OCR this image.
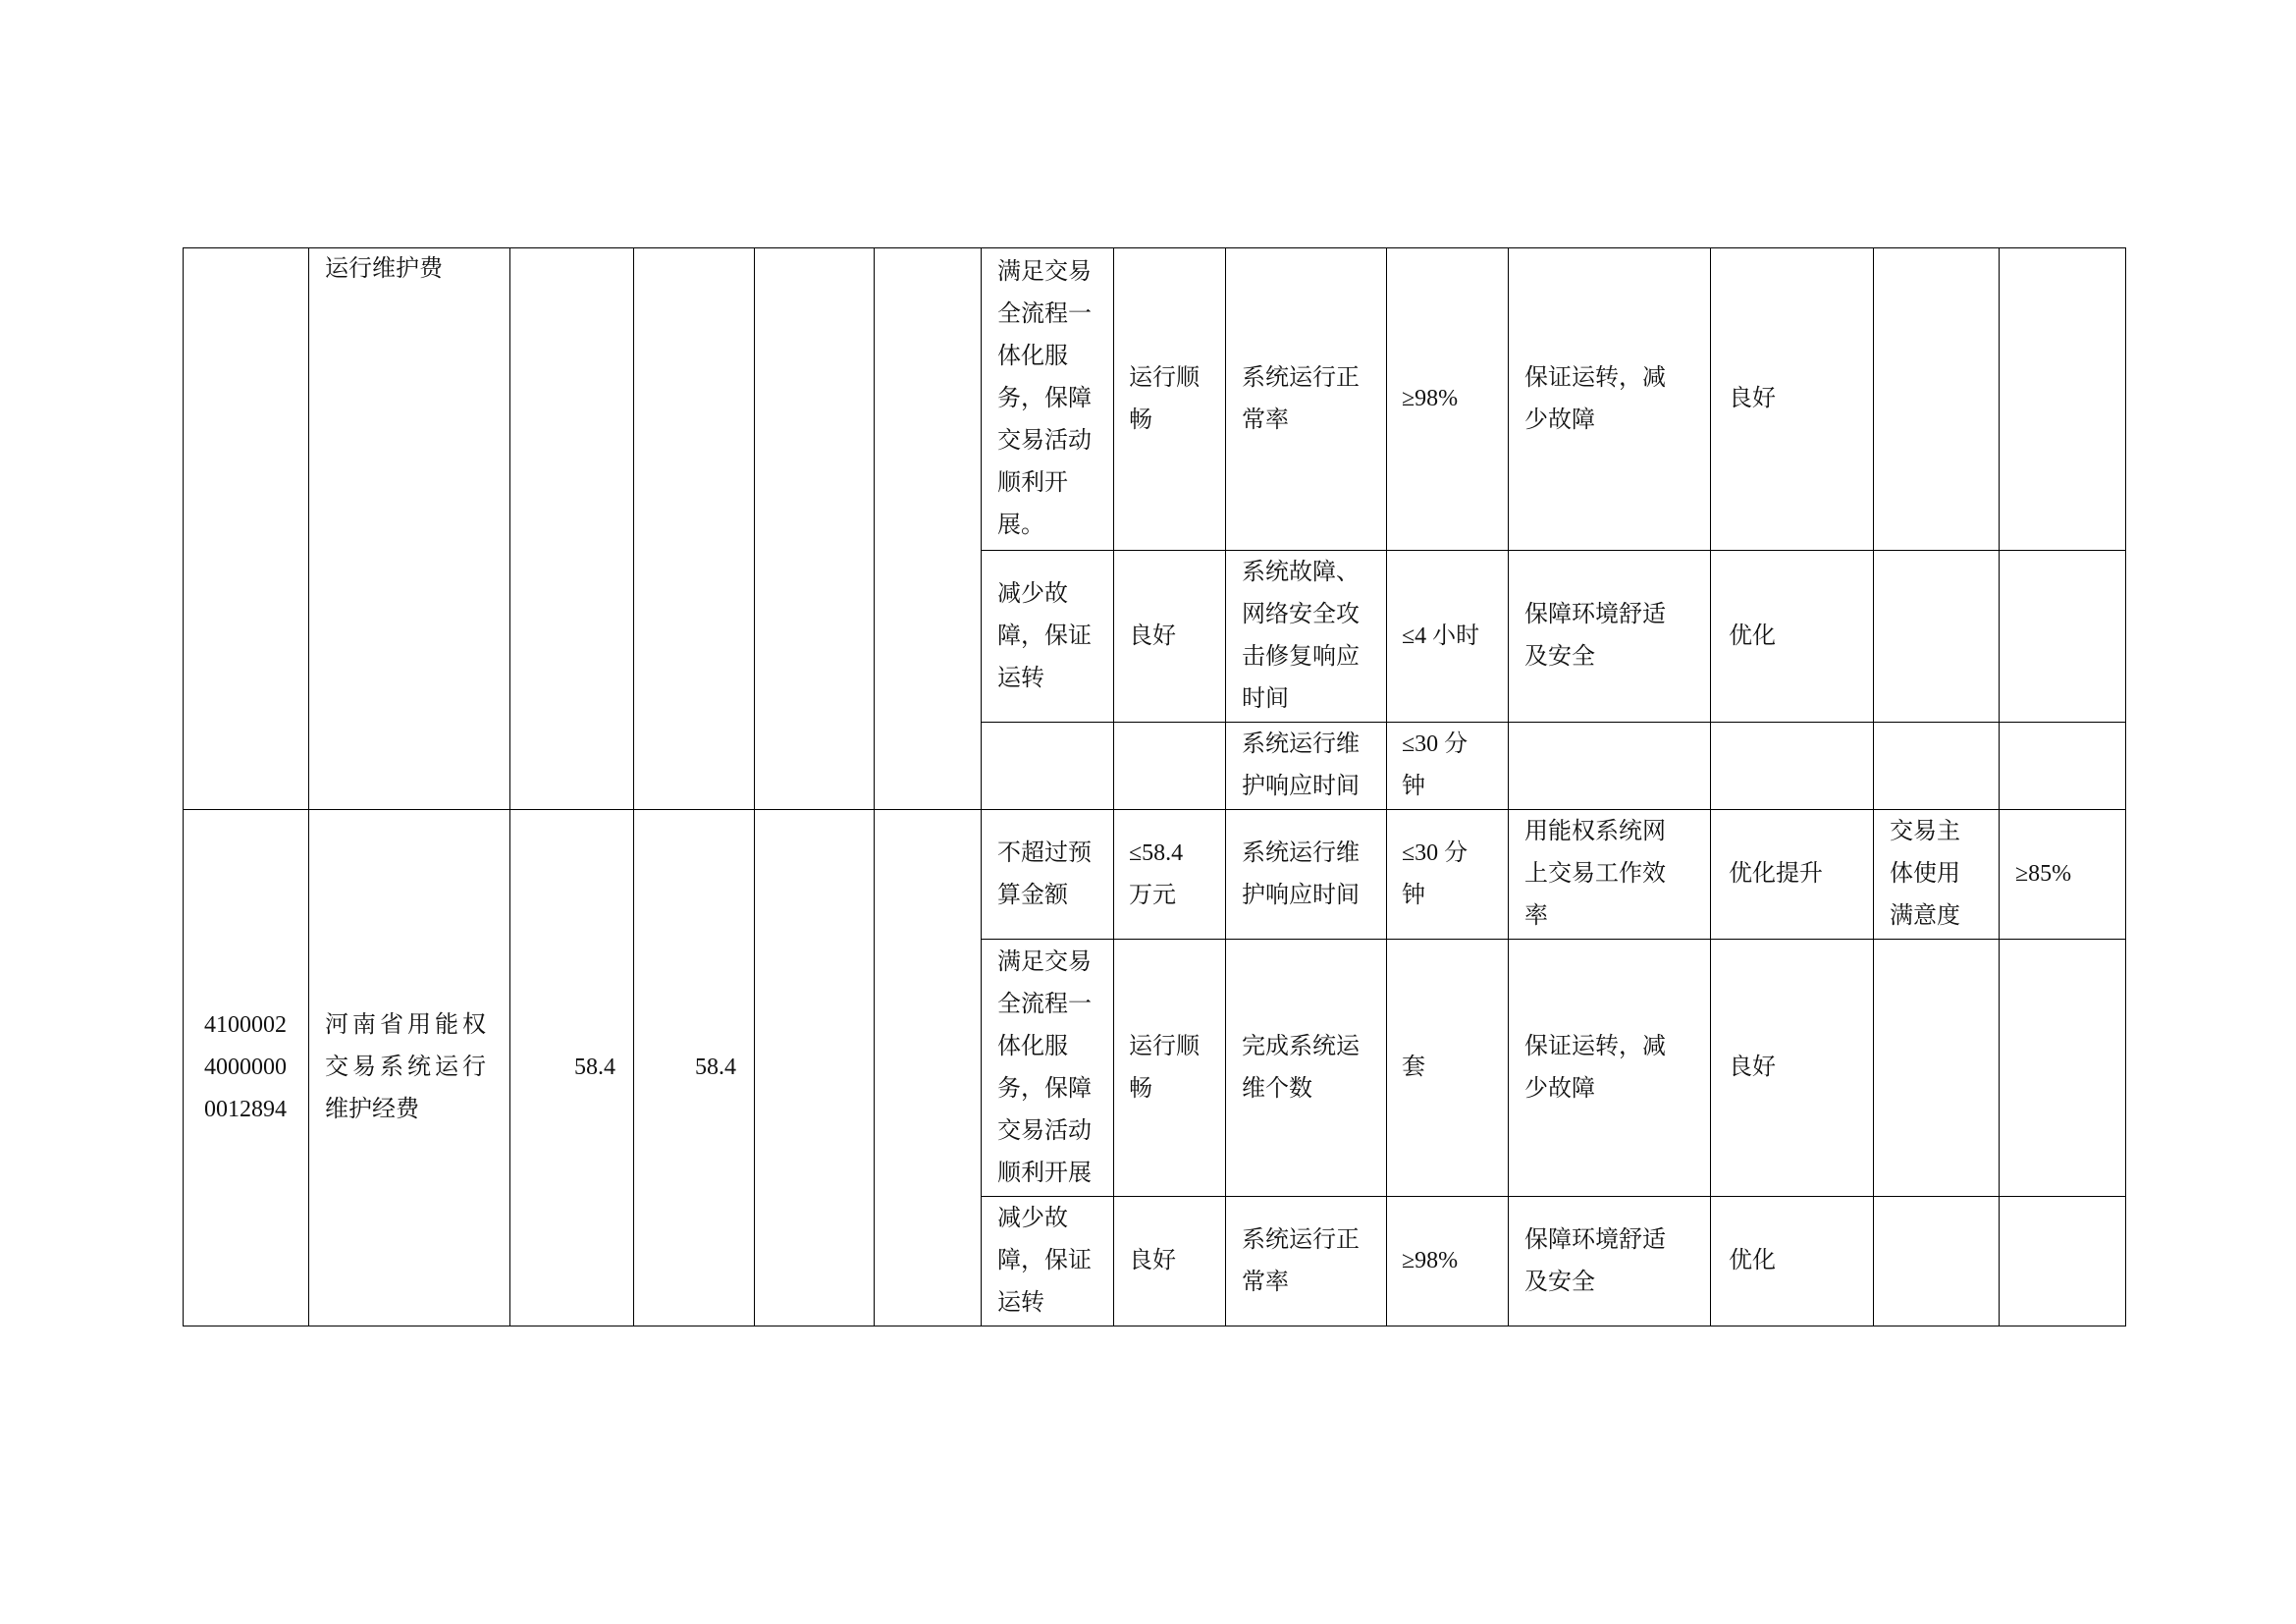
	运行维护费					满足交易全流程一体化服务，保障交易活动顺利开展。	运行顺畅	系统运行正常率	≥98%	保证运转，减少故障	良好		
						减少故障，保证运转	良好	系统故障、网络安全攻击修复响应时间	≤4 小时	保障环境舒适及安全	优化		
								系统运行维护响应时间	≤30 分钟				
410000240000000012894	河南省用能权交易系统运行维护经费	58.4	58.4			不超过预算金额	≤58.4 万元	系统运行维护响应时间	≤30 分钟	用能权系统网上交易工作效率	优化提升	交易主体使用满意度	≥85%
						满足交易全流程一体化服务，保障交易活动顺利开展	运行顺畅	完成系统运维个数	套	保证运转，减少故障	良好		
						减少故障，保证运转	良好	系统运行正常率	≥98%	保障环境舒适及安全	优化		
